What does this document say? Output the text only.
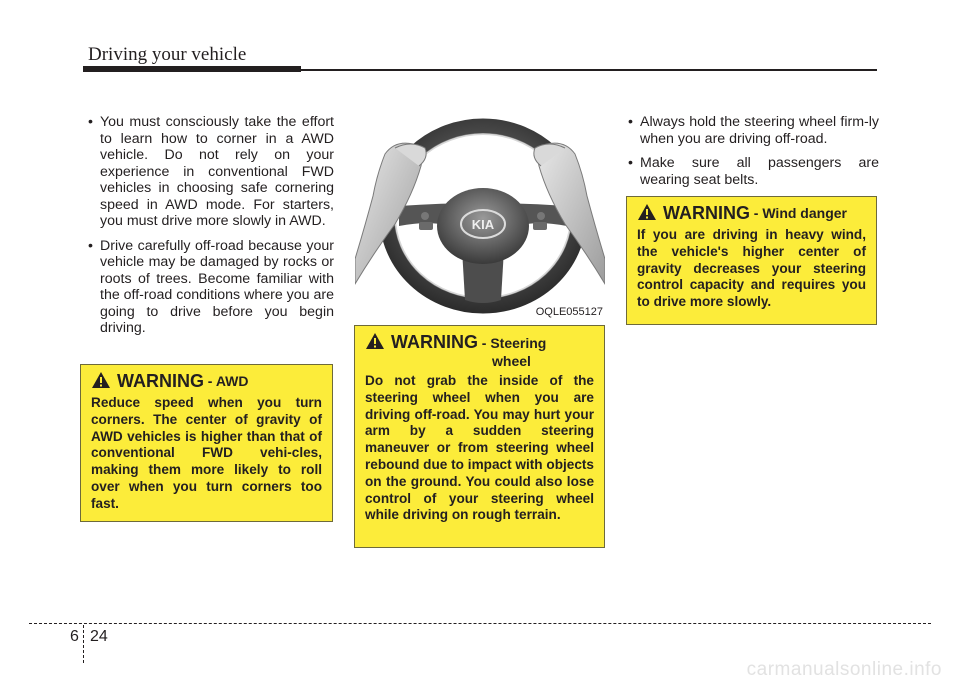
Driving your vehicle
• You must consciously take the effort to learn how to corner in a AWD vehicle. Do not rely on your experience in conventional FWD vehicles in choosing safe cornering speed in AWD mode. For starters, you must drive more slowly in AWD.
• Drive carefully off-road because your vehicle may be damaged by rocks or roots of trees. Become familiar with the off-road conditions where you are going to drive before you begin driving.
KIA
OQLE055127
• Always hold the steering wheel firm-ly when you are driving off-road.
• Make sure all passengers are wearing seat belts.
WARNING
- Wind danger

If you are driving in heavy wind, the vehicle's higher center of gravity decreases your steering control capacity and requires you to drive more slowly.

WARNING - Steering
wheel

Do not grab the inside of the steering wheel when you are driving off-road. You may hurt your arm by a sudden steering maneuver or from steering wheel rebound due to impact with objects on the ground. You could also lose control of your steering wheel while driving on rough terrain.

WARNING
- AWD

Reduce speed when you turn corners. The center of gravity of AWD vehicles is higher than that of conventional FWD vehi-cles, making them more likely to roll over when you turn corners too fast.

6 24
carmanualsonline.info
